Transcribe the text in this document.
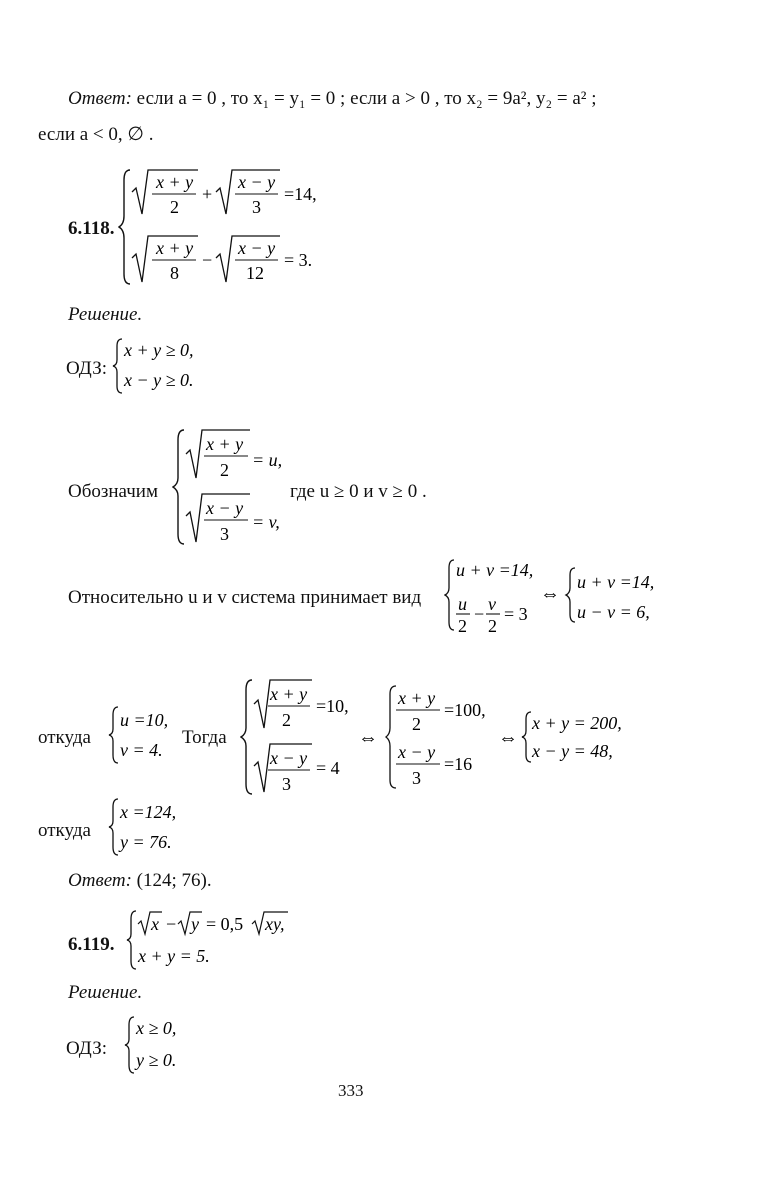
Ответ: если a = 0 , то x₁ = y₁ = 0 ; если a > 0 , то x₂ = 9a², y₂ = a² ;
если a < 0, ∅ .
6.118.
x + y
2
+
x − y
3
=14,
x + y
8
−
x − y
12
= 3.
Решение.
ОДЗ:
x + y ≥ 0,
x − y ≥ 0.
Обозначим
x + y
2 = u,
x − y
3
= v,
где u ≥ 0 и v ≥ 0 .
Относительно u и v система принимает вид
u + v =14,
u
2
− v
2
= 3
⇔
u + v =14,
u − v = 6,
откуда
u =10,
v = 4.
Тогда
x + y
2
=10,
x − y
3
= 4
⇔
x + y
2
=100,
x − y
3
=16
⇔
x + y = 200,
x − y = 48,
откуда
x =124,
y = 76.
Ответ: (124; 76).
6.119.
x − y = 0,5 xy,
x + y = 5.
Решение.
ОДЗ:
x ≥ 0,
y ≥ 0.
333
